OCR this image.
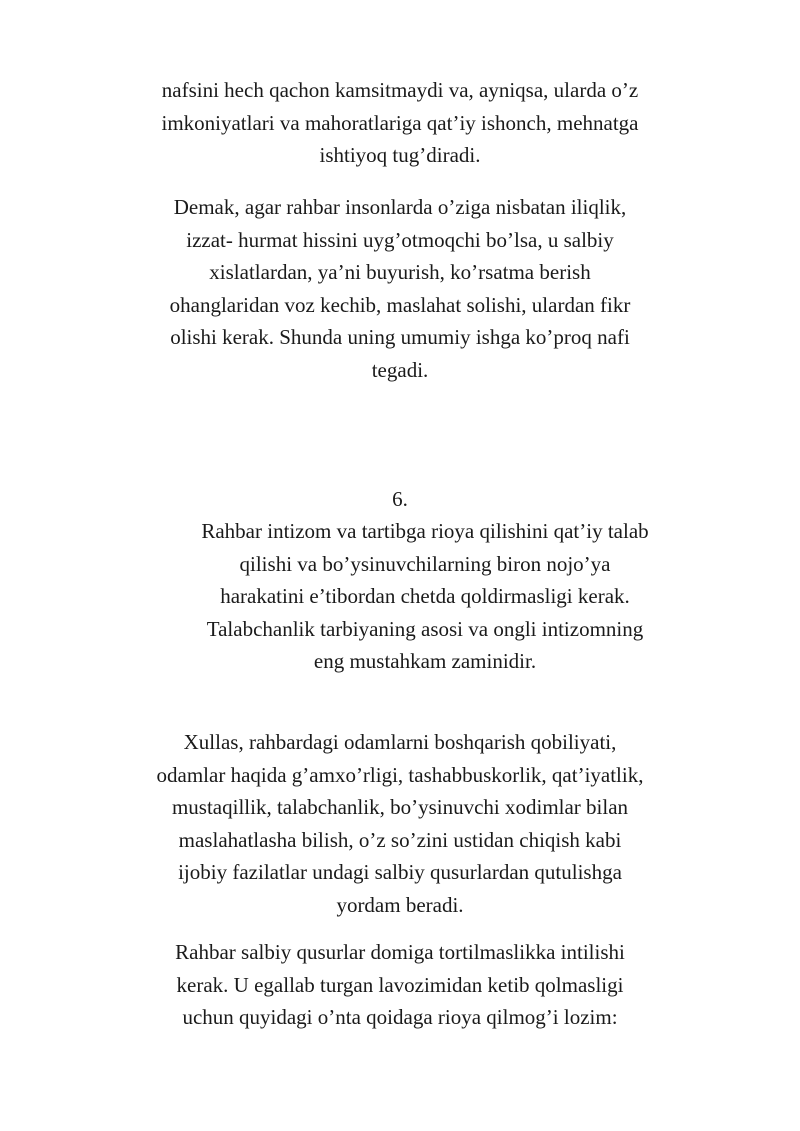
nafsini hech qachon kamsitmaydi va, ayniqsa, ularda o’z
imkoniyatlari va mahoratlariga qat’iy ishonch, mehnatga
ishtiyoq tug’diradi.

Demak, agar rahbar insonlarda o’ziga nisbatan iliqlik,
izzat- hurmat hissini uyg’otmoqchi bo’lsa, u salbiy
xislatlardan, ya’ni buyurish, ko’rsatma berish
ohanglaridan voz kechib, maslahat solishi, ulardan fikr
olishi kerak. Shunda uning umumiy ishga ko’proq nafi
tegadi.

6.

Rahbar intizom va tartibga rioya qilishini qat’iy talab
qilishi va bo’ysinuvchilarning biron nojo’ya
harakatini e’tibordan chetda qoldirmasligi kerak.
Talabchanlik tarbiyaning asosi va ongli intizomning
eng mustahkam zaminidir.

Xullas, rahbardagi odamlarni boshqarish qobiliyati,
odamlar haqida g’amxo’rligi, tashabbuskorlik, qat’iyatlik,
mustaqillik, talabchanlik, bo’ysinuvchi xodimlar bilan
maslahatlasha bilish, o’z so’zini ustidan chiqish kabi
ijobiy fazilatlar undagi salbiy qusurlardan qutulishga
yordam beradi.

Rahbar salbiy qusurlar domiga tortilmaslikka intilishi
kerak. U egallab turgan lavozimidan ketib qolmasligi
uchun quyidagi o’nta qoidaga rioya qilmog’i lozim:
